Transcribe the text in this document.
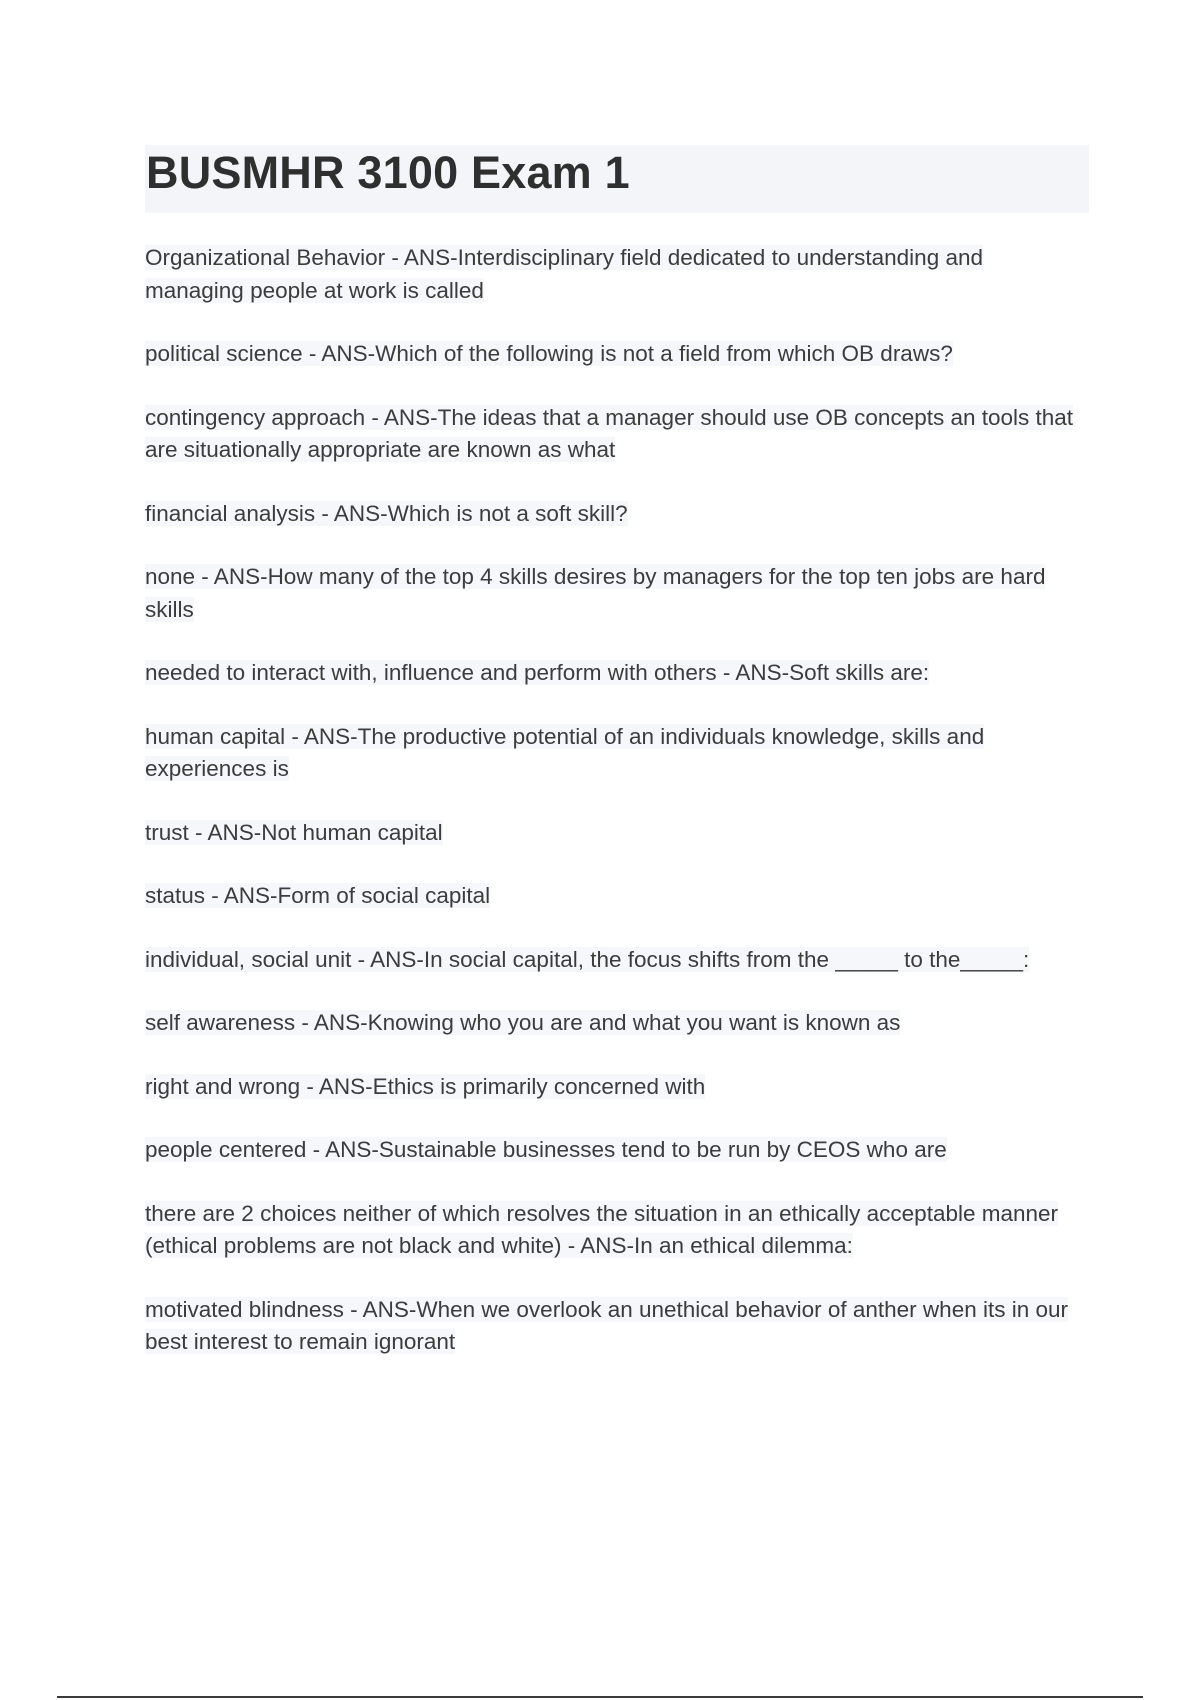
BUSMHR 3100 Exam 1

Organizational Behavior - ANS-Interdisciplinary field dedicated to understanding and managing people at work is called

political science - ANS-Which of the following is not a field from which OB draws?

contingency approach - ANS-The ideas that a manager should use OB concepts an tools that are situationally appropriate are known as what

financial analysis - ANS-Which is not a soft skill?

none - ANS-How many of the top 4 skills desires by managers for the top ten jobs are hard skills

needed to interact with, influence and perform with others - ANS-Soft skills are:

human capital - ANS-The productive potential of an individuals knowledge, skills and experiences is

trust - ANS-Not human capital

status - ANS-Form of social capital

individual, social unit - ANS-In social capital, the focus shifts from the _____ to the_____:

self awareness - ANS-Knowing who you are and what you want is known as

right and wrong - ANS-Ethics is primarily concerned with

people centered - ANS-Sustainable businesses tend to be run by CEOS who are

there are 2 choices neither of which resolves the situation in an ethically acceptable manner (ethical problems are not black and white) - ANS-In an ethical dilemma:

motivated blindness - ANS-When we overlook an unethical behavior of anther when its in our best interest to remain ignorant
